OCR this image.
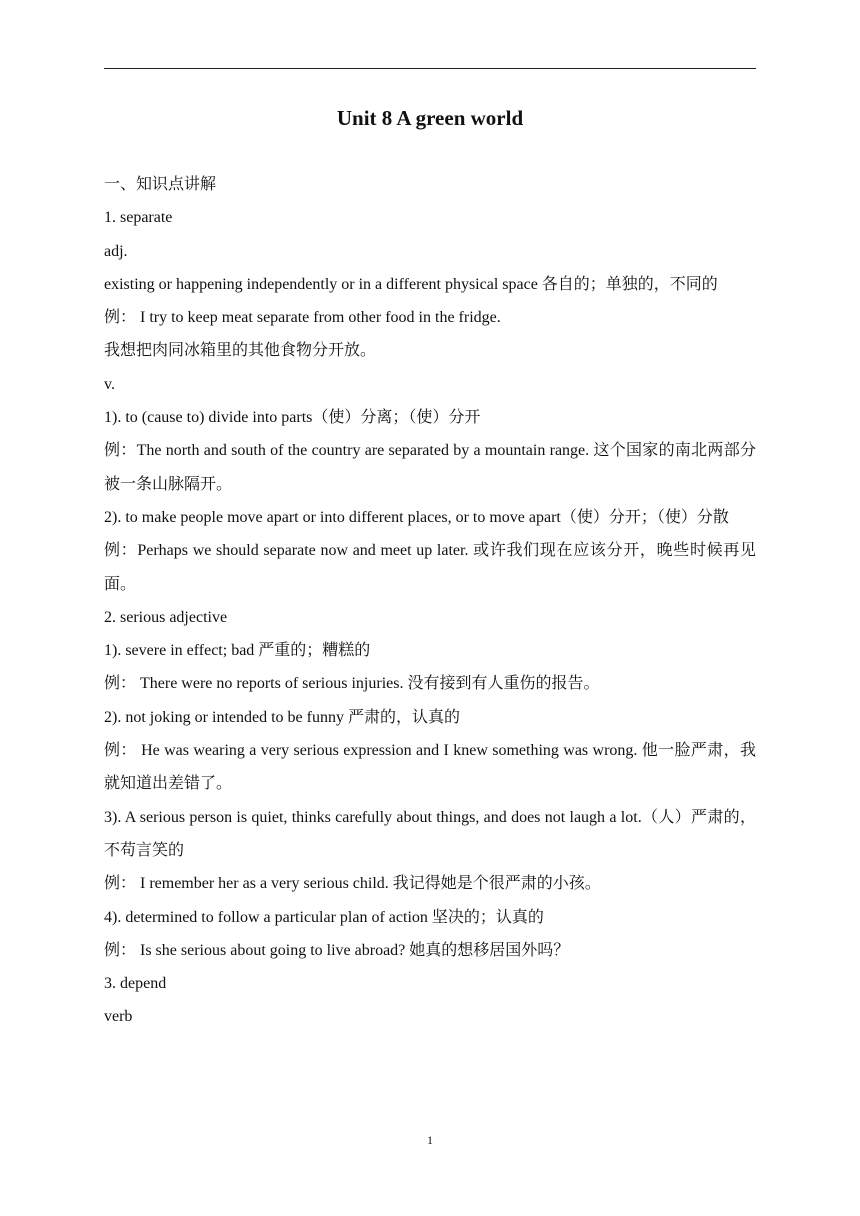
Unit 8 A green world
一、知识点讲解
1. separate
adj.
existing or happening independently or in a different physical space 各自的；单独的，不同的
例： I try to keep meat separate from other food in the fridge.
我想把肉同冰箱里的其他食物分开放。
v.
1). to (cause to) divide into parts（使）分离；（使）分开
例：The north and south of the country are separated by a mountain range. 这个国家的南北两部分被一条山脉隔开。
2). to make people move apart or into different places, or to move apart（使）分开；（使）分散
例：Perhaps we should separate now and meet up later. 或许我们现在应该分开，晚些时候再见面。
2. serious adjective
1). severe in effect; bad 严重的；糟糕的
例： There were no reports of serious injuries. 没有接到有人重伤的报告。
2). not joking or intended to be funny 严肃的，认真的
例： He was wearing a very serious expression and I knew something was wrong. 他一脸严肃，我就知道出差错了。
3). A serious person is quiet, thinks carefully about things, and does not laugh a lot.（人）严肃的，不苟言笑的
例： I remember her as a very serious child. 我记得她是个很严肃的小孩。
4). determined to follow a particular plan of action 坚决的；认真的
例： Is she serious about going to live abroad? 她真的想移居国外吗？
3. depend
verb
1
